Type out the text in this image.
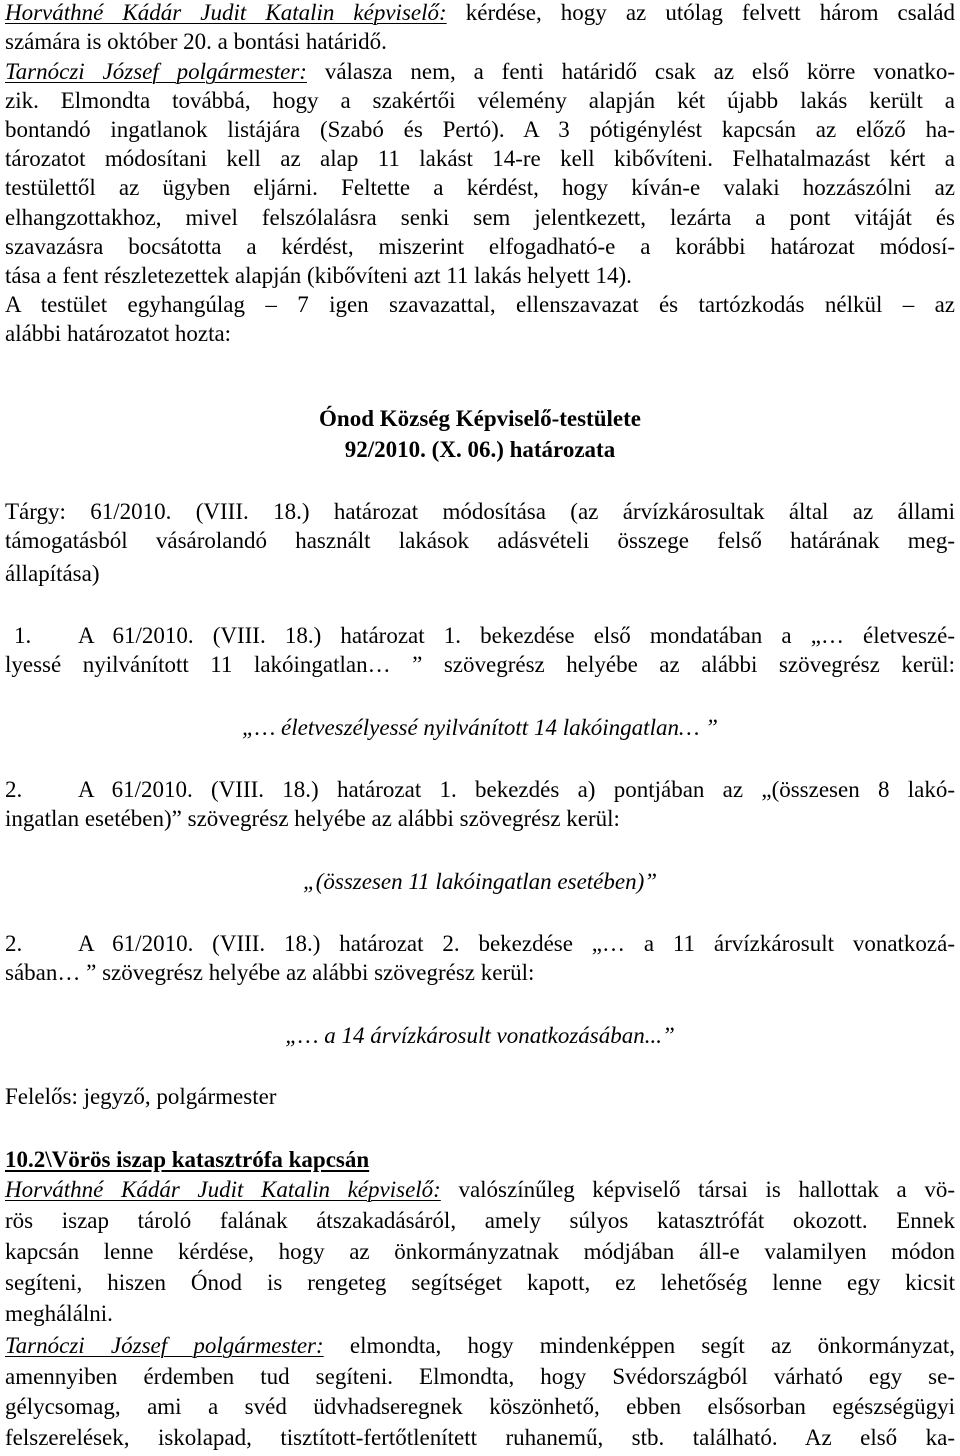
Horváthné Kádár Judit Katalin képviselő: kérdése, hogy az utólag felvett három család
számára is október 20. a bontási határidő.
Tarnóczi József polgármester: válasza nem, a fenti határidő csak az első körre vonatko-
zik. Elmondta továbbá, hogy a szakértői vélemény alapján két újabb lakás került a
bontandó ingatlanok listájára (Szabó és Pertó). A 3 pótigénylést kapcsán az előző ha-
tározatot módosítani kell az alap 11 lakást 14-re kell kibővíteni. Felhatalmazást kért a
testülettől az ügyben eljárni. Feltette a kérdést, hogy kíván-e valaki hozzászólni az
elhangzottakhoz, mivel felszólalásra senki sem jelentkezett, lezárta a pont vitáját és
szavazásra bocsátotta a kérdést, miszerint elfogadható-e a korábbi határozat módosí-
tása a fent részletezettek alapján (kibővíteni azt 11 lakás helyett 14).
A testület egyhangúlag – 7 igen szavazattal, ellenszavazat és tartózkodás nélkül – az
alábbi határozatot hozta:
Ónod Község Képviselő-testülete
92/2010. (X. 06.) határozata
Tárgy: 61/2010. (VIII. 18.) határozat módosítása (az árvízkárosultak által az állami
támogatásból vásárolandó használt lakások adásvételi összege felső határának meg-
állapítása)
1.	A 61/2010. (VIII. 18.) határozat 1. bekezdése első mondatában a „… életveszé-
lyessé nyilvánított 11 lakóingatlan… ” szövegrész helyébe az alábbi szövegrész kerül:
„… életveszélyessé nyilvánított 14 lakóingatlan… ”
2.	A 61/2010. (VIII. 18.) határozat 1. bekezdés a) pontjában az „(összesen 8 lakó-
ingatlan esetében)” szövegrész helyébe az alábbi szövegrész kerül:
„(összesen 11 lakóingatlan esetében)”
2.	A 61/2010. (VIII. 18.) határozat 2. bekezdése „… a 11 árvízkárosult vonatkozá-
sában… ” szövegrész helyébe az alábbi szövegrész kerül:
„… a 14 árvízkárosult vonatkozásában...”
Felelős: jegyző, polgármester
10.2\Vörös iszap katasztrófa kapcsán
Horváthné Kádár Judit Katalin képviselő: valószínűleg képviselő társai is hallottak a vö-
rös iszap tároló falának átszakadásáról, amely súlyos katasztrófát okozott. Ennek
kapcsán lenne kérdése, hogy az önkormányzatnak módjában áll-e valamilyen módon
segíteni, hiszen Ónod is rengeteg segítséget kapott, ez lehetőség lenne egy kicsit
meghálálni.
Tarnóczi József polgármester: elmondta, hogy mindenképpen segít az önkormányzat,
amennyiben érdemben tud segíteni. Elmondta, hogy Svédországból várható egy se-
gélycsomag, ami a svéd üdvhadseregnek köszönhető, ebben elsősorban egészségügyi
felszerelések, iskolapad, tisztított-fertőtlenített ruhanemű, stb. található. Az első ka-
